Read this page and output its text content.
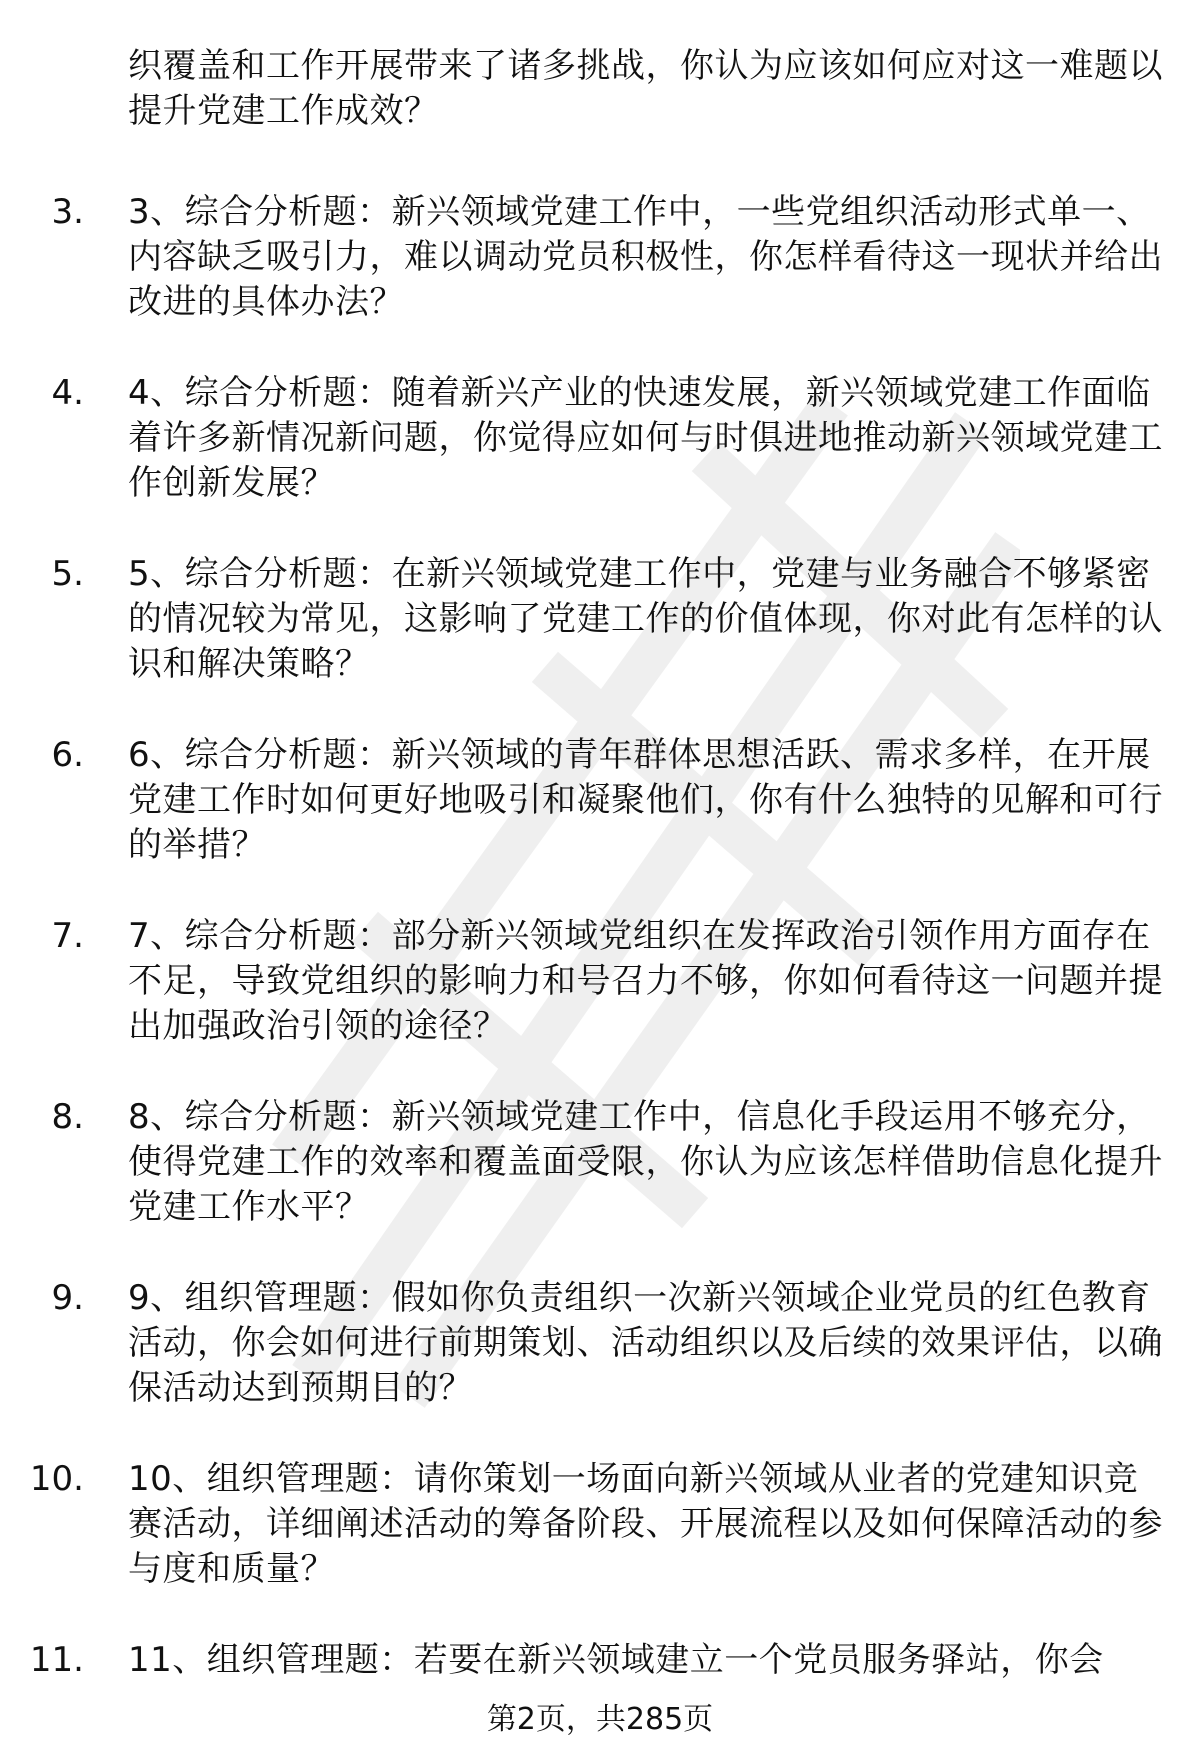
织覆盖和工作开展带来了诸多挑战，你认为应该如何应对这一难题以提升党建工作成效？
3. 3、综合分析题：新兴领域党建工作中，一些党组织活动形式单一、内容缺乏吸引力，难以调动党员积极性，你怎样看待这一现状并给出改进的具体办法？
4. 4、综合分析题：随着新兴产业的快速发展，新兴领域党建工作面临着许多新情况新问题，你觉得应如何与时俱进地推动新兴领域党建工作创新发展？
5. 5、综合分析题：在新兴领域党建工作中，党建与业务融合不够紧密的情况较为常见，这影响了党建工作的价值体现，你对此有怎样的认识和解决策略？
6. 6、综合分析题：新兴领域的青年群体思想活跃、需求多样，在开展党建工作时如何更好地吸引和凝聚他们，你有什么独特的见解和可行的举措？
7. 7、综合分析题：部分新兴领域党组织在发挥政治引领作用方面存在不足，导致党组织的影响力和号召力不够，你如何看待这一问题并提出加强政治引领的途径？
8. 8、综合分析题：新兴领域党建工作中，信息化手段运用不够充分，使得党建工作的效率和覆盖面受限，你认为应该怎样借助信息化提升党建工作水平？
9. 9、组织管理题：假如你负责组织一次新兴领域企业党员的红色教育活动，你会如何进行前期策划、活动组织以及后续的效果评估，以确保活动达到预期目的？
10. 10、组织管理题：请你策划一场面向新兴领域从业者的党建知识竞赛活动，详细阐述活动的筹备阶段、开展流程以及如何保障活动的参与度和质量？
11. 11、组织管理题：若要在新兴领域建立一个党员服务驿站，你会
第2页，共285页
